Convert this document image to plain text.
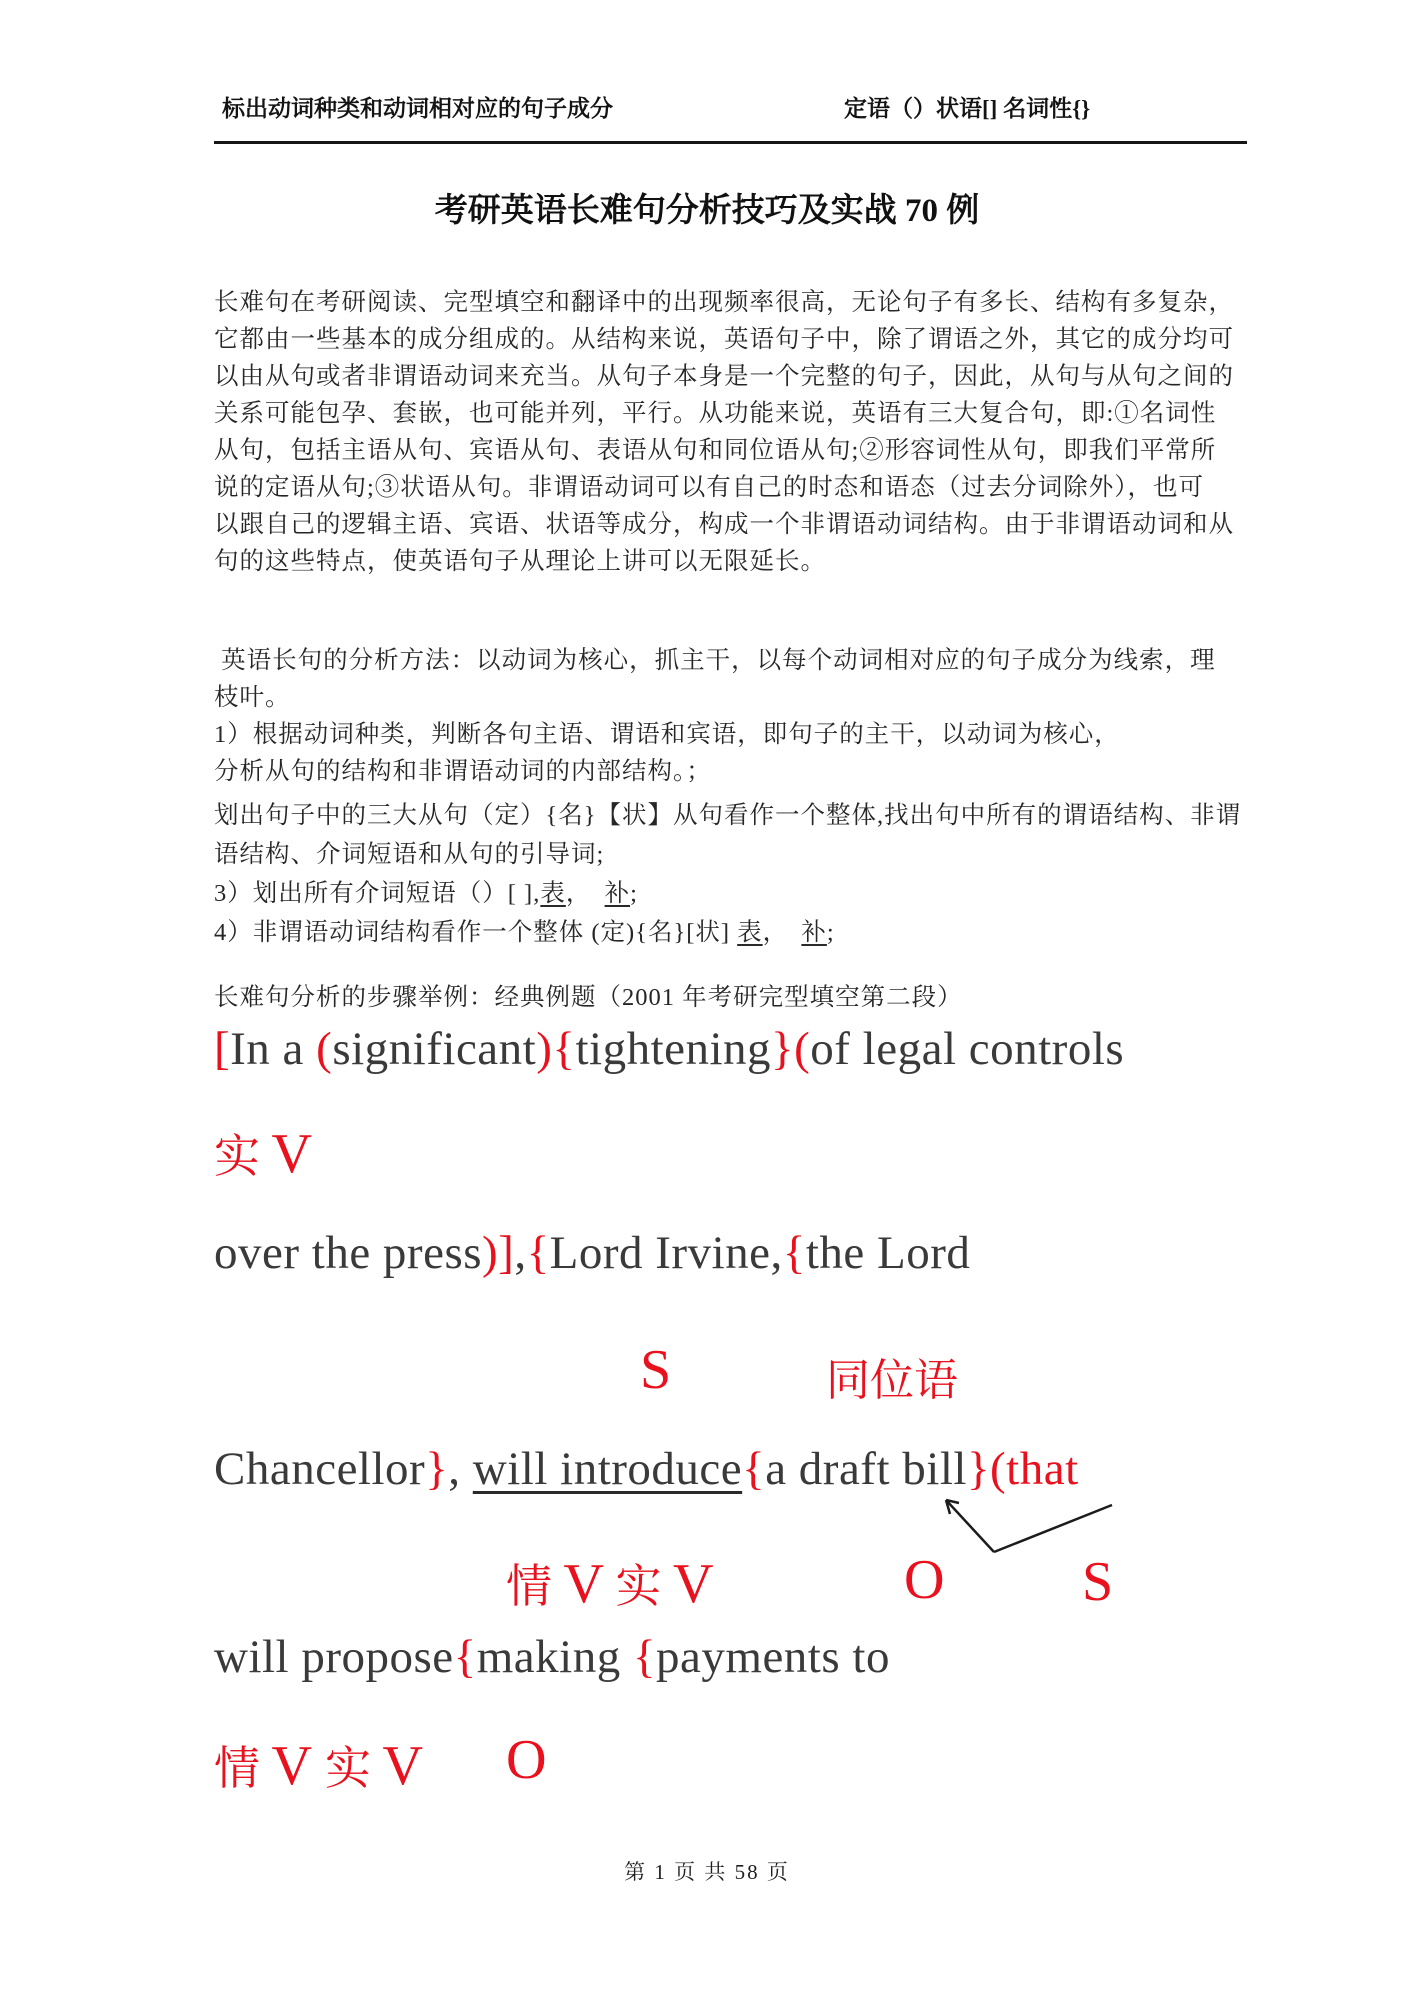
标出动词种类和动词相对应的句子成分	定语（）状语[] 名词性{}
考研英语长难句分析技巧及实战 70 例
长难句在考研阅读、完型填空和翻译中的出现频率很高，无论句子有多长、结构有多复杂，
它都由一些基本的成分组成的。从结构来说，英语句子中，除了谓语之外，其它的成分均可
以由从句或者非谓语动词来充当。从句子本身是一个完整的句子，因此，从句与从句之间的
关系可能包孕、套嵌，也可能并列，平行。从功能来说，英语有三大复合句，即:①名词性
从句，包括主语从句、宾语从句、表语从句和同位语从句;②形容词性从句，即我们平常所
说的定语从句;③状语从句。非谓语动词可以有自己的时态和语态（过去分词除外），也可
以跟自己的逻辑主语、宾语、状语等成分，构成一个非谓语动词结构。由于非谓语动词和从
句的这些特点，使英语句子从理论上讲可以无限延长。
英语长句的分析方法：以动词为核心，抓主干，以每个动词相对应的句子成分为线索，理
枝叶。
1）根据动词种类，判断各句主语、谓语和宾语，即句子的主干，以动词为核心，
分析从句的结构和非谓语动词的内部结构。；
划出句子中的三大从句（定）{名}【状】从句看作一个整体,找出句中所有的谓语结构、非谓
语结构、介词短语和从句的引导词;
3）划出所有介词短语（）[ ],表，　补;
4）非谓语动词结构看作一个整体 (定){名}[状] 表，　补;
长难句分析的步骤举例：经典例题（2001 年考研完型填空第二段）
[In a (significant){tightening}(of legal controls
实 V
over the press)],{Lord Irvine,{the Lord
S	同位语
Chancellor}, will introduce{a draft bill}(that
情 V 实 V	O S
will propose{making {payments to
情 V 实 V O
第 1 页 共 58 页
